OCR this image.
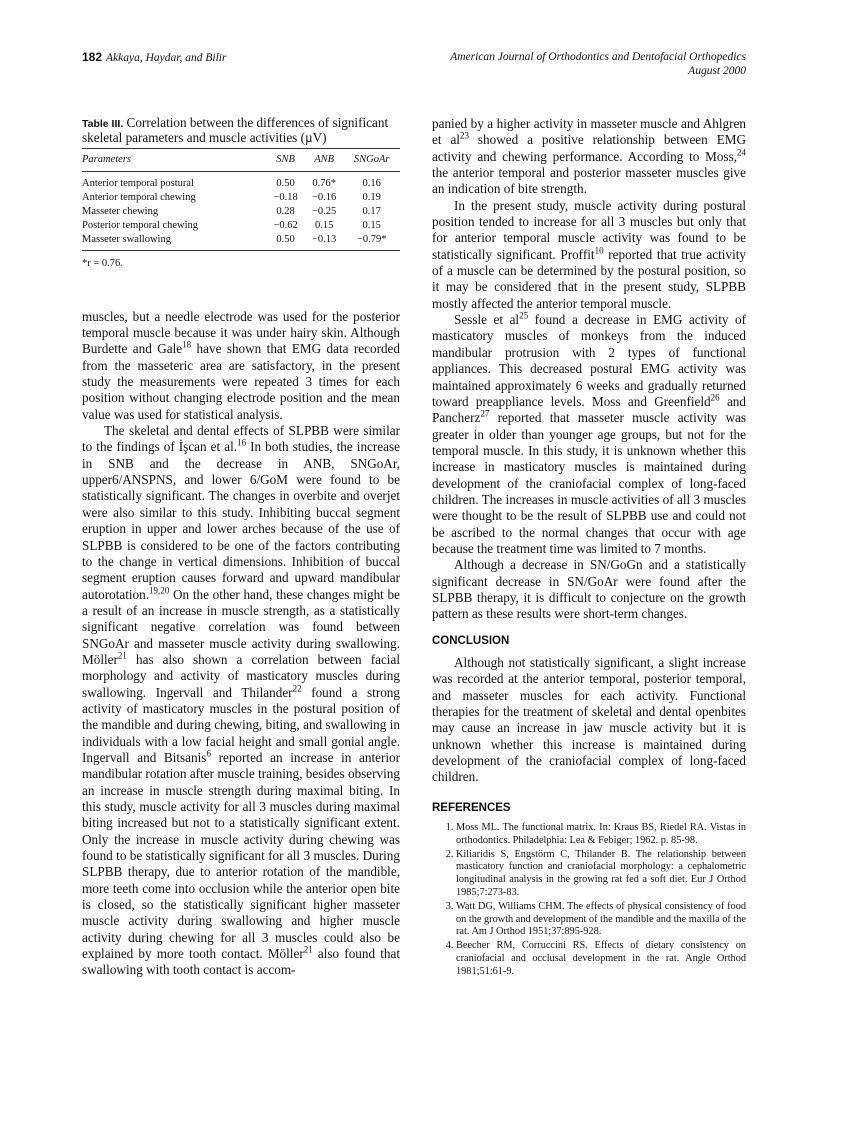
182 Akkaya, Haydar, and Bilir	American Journal of Orthodontics and Dentofacial Orthopedics
August 2000
Table III. Correlation between the differences of significant skeletal parameters and muscle activities (µV)
Parameters	SNB	ANB	SNGoAr
Anterior temporal postural	0.50	0.76*	0.16
Anterior temporal chewing	−0.18	−0.16	0.19
Masseter chewing	0.28	−0.25	0.17
Posterior temporal chewing	−0.62	0.15	0.15
Masseter swallowing	0.50	−0.13	−0.79*
*r = 0.76.

muscles, but a needle electrode was used for the posterior temporal muscle because it was under hairy skin. Although Burdette and Gale$^{18}$ have shown that EMG data recorded from the masseteric area are satisfactory, in the present study the measurements were repeated 3 times for each position without changing electrode position and the mean value was used for statistical analysis.

The skeletal and dental effects of SLPBB were similar to the findings of İşcan et al.$^{16}$ In both studies, the increase in SNB and the decrease in ANB, SNGoAr, upper6/ANSPNS, and lower 6/GoM were found to be statistically significant. The changes in overbite and overjet were also similar to this study. Inhibiting buccal segment eruption in upper and lower arches because of the use of SLPBB is considered to be one of the factors contributing to the change in vertical dimensions. Inhibition of buccal segment eruption causes forward and upward mandibular autorotation.$^{19,20}$ On the other hand, these changes might be a result of an increase in muscle strength, as a statistically significant negative correlation was found between SNGoAr and masseter muscle activity during swallowing. Möller$^{21}$ has also shown a correlation between facial morphology and activity of masticatory muscles during swallowing. Ingervall and Thilander$^{22}$ found a strong activity of masticatory muscles in the postural position of the mandible and during chewing, biting, and swallowing in individuals with a low facial height and small gonial angle. Ingervall and Bitsanis$^6$ reported an increase in anterior mandibular rotation after muscle training, besides observing an increase in muscle strength during maximal biting. In this study, muscle activity for all 3 muscles during maximal biting increased but not to a statistically significant extent. Only the increase in muscle activity during chewing was found to be statistically significant for all 3 muscles. During SLPBB therapy, due to anterior rotation of the mandible, more teeth come into occlusion while the anterior open bite is closed, so the statistically significant higher masseter muscle activity during swallowing and higher muscle activity during chewing for all 3 muscles could also be explained by more tooth contact. Möller$^{21}$ also found that swallowing with tooth contact is accom-

panied by a higher activity in masseter muscle and Ahlgren et $al^{23}$ showed a positive relationship between EMG activity and chewing performance. According to Moss,$^{24}$ the anterior temporal and posterior masseter muscles give an indication of bite strength.

In the present study, muscle activity during postural position tended to increase for all 3 muscles but only that for anterior temporal muscle activity was found to be statistically significant. Proffit$^{10}$ reported that true activity of a muscle can be determined by the postural position, so it may be considered that in the present study, SLPBB mostly affected the anterior temporal muscle.

Sessle et $al^{25}$ found a decrease in EMG activity of masticatory muscles of monkeys from the induced mandibular protrusion with 2 types of functional appliances. This decreased postural EMG activity was maintained approximately 6 weeks and gradually returned toward preappliance levels. Moss and Greenfield$^{26}$ and Pancherz$^{27}$ reported that masseter muscle activity was greater in older than younger age groups, but not for the temporal muscle. In this study, it is unknown whether this increase in masticatory muscles is maintained during development of the craniofacial complex of long-faced children. The increases in muscle activities of all 3 muscles were thought to be the result of SLPBB use and could not be ascribed to the normal changes that occur with age because the treatment time was limited to 7 months.

Although a decrease in SN/GoGn and a statistically significant decrease in SN/GoAr were found after the SLPBB therapy, it is difficult to conjecture on the growth pattern as these results were short-term changes.

CONCLUSION

Although not statistically significant, a slight increase was recorded at the anterior temporal, posterior temporal, and masseter muscles for each activity. Functional therapies for the treatment of skeletal and dental openbites may cause an increase in jaw muscle activity but it is unknown whether this increase is maintained during development of the craniofacial complex of long-faced children.

REFERENCES
1. Moss ML. The functional matrix. In: Kraus BS, Riedel RA. Vistas in orthodontics. Philadelphia: Lea & Febiger; 1962. p. 85-98.
2. Kiliaridis S, Engstörm C, Thilander B. The relationship between masticatory function and craniofacial morphology: a cephalometric longitudinal analysis in the growing rat fed a soft diet. Eur J Orthod 1985;7:273-83.
3. Watt DG, Williams CHM. The effects of physical consistency of food on the growth and development of the mandible and the maxilla of the rat. Am J Orthod 1951;37:895-928.
4. Beecher RM, Corruccini RS. Effects of dietary consistency on craniofacial and occlusal development in the rat. Angle Orthod 1981;51:61-9.
